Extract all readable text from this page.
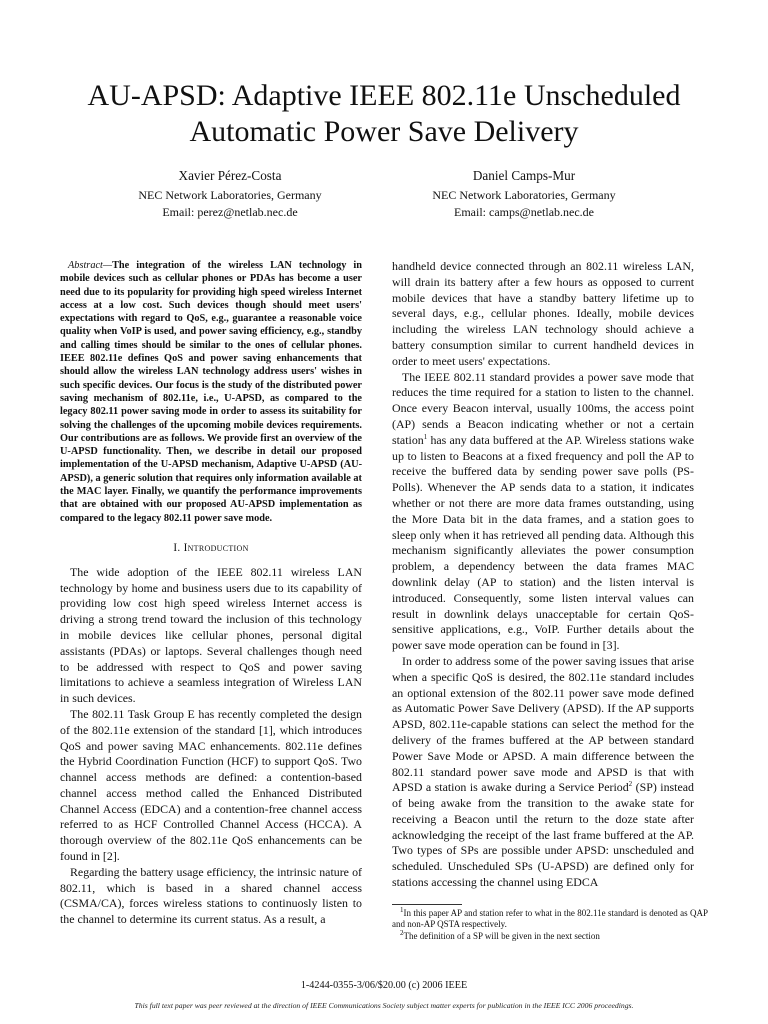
AU-APSD: Adaptive IEEE 802.11e Unscheduled
Automatic Power Save Delivery
Xavier Pérez-Costa
NEC Network Laboratories, Germany
Email: perez@netlab.nec.de
Daniel Camps-Mur
NEC Network Laboratories, Germany
Email: camps@netlab.nec.de

Abstract—The integration of the wireless LAN technology in mobile devices such as cellular phones or PDAs has become a user need due to its popularity for providing high speed wireless Internet access at a low cost. Such devices though should meet users' expectations with regard to QoS, e.g., guarantee a reasonable voice quality when VoIP is used, and power saving efficiency, e.g., standby and calling times should be similar to the ones of cellular phones. IEEE 802.11e defines QoS and power saving enhancements that should allow the wireless LAN technology address users' wishes in such specific devices. Our focus is the study of the distributed power saving mechanism of 802.11e, i.e., U-APSD, as compared to the legacy 802.11 power saving mode in order to assess its suitability for solving the challenges of the upcoming mobile devices requirements. Our contributions are as follows. We provide first an overview of the U-APSD functionality. Then, we describe in detail our proposed implementation of the U-APSD mechanism, Adaptive U-APSD (AU-APSD), a generic solution that requires only information available at the MAC layer. Finally, we quantify the performance improvements that are obtained with our proposed AU-APSD implementation as compared to the legacy 802.11 power save mode.

I. Introduction

The wide adoption of the IEEE 802.11 wireless LAN technology by home and business users due to its capability of providing low cost high speed wireless Internet access is driving a strong trend toward the inclusion of this technology in mobile devices like cellular phones, personal digital assistants (PDAs) or laptops. Several challenges though need to be addressed with respect to QoS and power saving limitations to achieve a seamless integration of Wireless LAN in such devices.

The 802.11 Task Group E has recently completed the design of the 802.11e extension of the standard [1], which introduces QoS and power saving MAC enhancements. 802.11e defines the Hybrid Coordination Function (HCF) to support QoS. Two channel access methods are defined: a contention-based channel access method called the Enhanced Distributed Channel Access (EDCA) and a contention-free channel access referred to as HCF Controlled Channel Access (HCCA). A thorough overview of the 802.11e QoS enhancements can be found in [2].

Regarding the battery usage efficiency, the intrinsic nature of 802.11, which is based in a shared channel access (CSMA/CA), forces wireless stations to continuosly listen to the channel to determine its current status. As a result, a

handheld device connected through an 802.11 wireless LAN, will drain its battery after a few hours as opposed to current mobile devices that have a standby battery lifetime up to several days, e.g., cellular phones. Ideally, mobile devices including the wireless LAN technology should achieve a battery consumption similar to current handheld devices in order to meet users' expectations.

The IEEE 802.11 standard provides a power save mode that reduces the time required for a station to listen to the channel. Once every Beacon interval, usually 100ms, the access point (AP) sends a Beacon indicating whether or not a certain station$^1$ has any data buffered at the AP. Wireless stations wake up to listen to Beacons at a fixed frequency and poll the AP to receive the buffered data by sending power save polls (PS-Polls). Whenever the AP sends data to a station, it indicates whether or not there are more data frames outstanding, using the More Data bit in the data frames, and a station goes to sleep only when it has retrieved all pending data. Although this mechanism significantly alleviates the power consumption problem, a dependency between the data frames MAC downlink delay (AP to station) and the listen interval is introduced. Consequently, some listen interval values can result in downlink delays unacceptable for certain QoS-sensitive applications, e.g., VoIP. Further details about the power save mode operation can be found in [3].

In order to address some of the power saving issues that arise when a specific QoS is desired, the 802.11e standard includes an optional extension of the 802.11 power save mode defined as Automatic Power Save Delivery (APSD). If the AP supports APSD, 802.11e-capable stations can select the method for the delivery of the frames buffered at the AP between standard Power Save Mode or APSD. A main difference between the 802.11 standard power save mode and APSD is that with APSD a station is awake during a Service Period$^2$ (SP) instead of being awake from the transition to the awake state for receiving a Beacon until the return to the doze state after acknowledging the receipt of the last frame buffered at the AP. Two types of SPs are possible under APSD: unscheduled and scheduled. Unscheduled SPs (U-APSD) are defined only for stations accessing the channel using EDCA

$^1$In this paper AP and station refer to what in the 802.11e standard is denoted as QAP and non-AP QSTA respectively.

$^2$The definition of a SP will be given in the next section

1-4244-0355-3/06/$20.00 (c) 2006 IEEE
This full text paper was peer reviewed at the direction of IEEE Communications Society subject matter experts for publication in the IEEE ICC 2006 proceedings.
